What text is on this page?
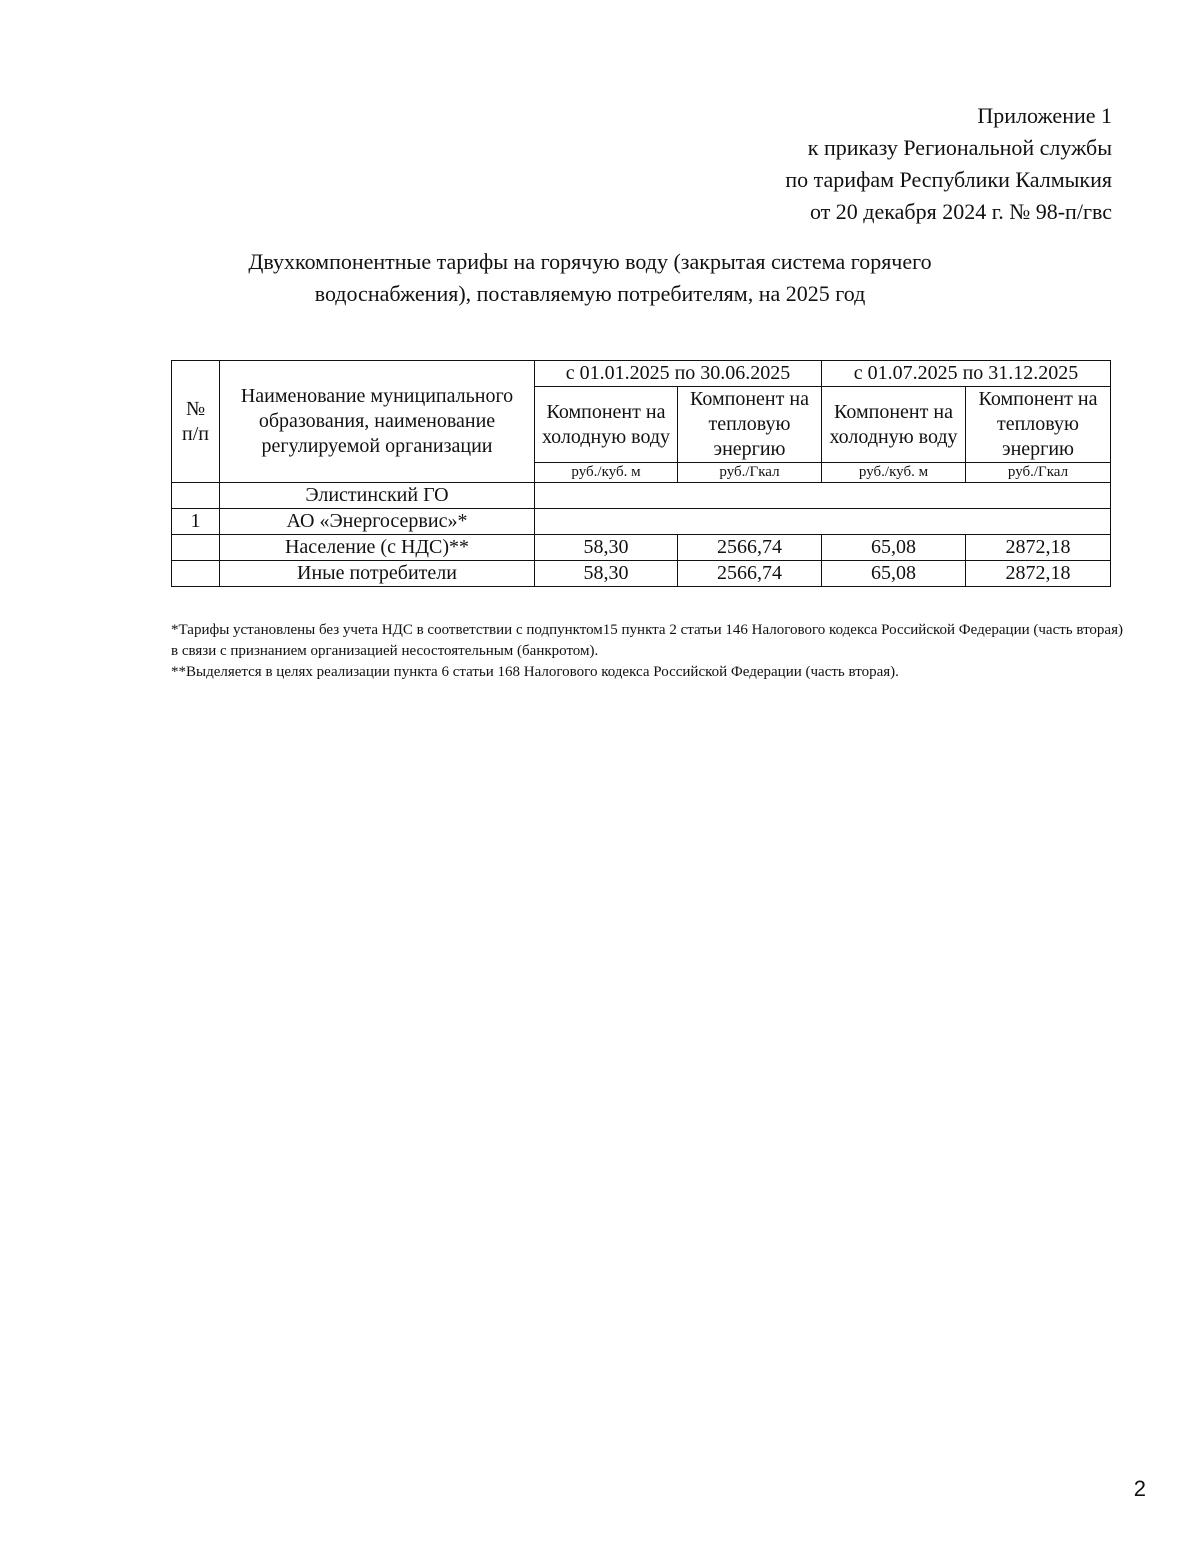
Приложение 1
к приказу Региональной службы
по тарифам Республики Калмыкия
от 20 декабря 2024 г. № 98-п/гвс
Двухкомпонентные тарифы на горячую воду (закрытая система горячего
водоснабжения), поставляемую потребителям, на 2025 год
№ п/п	Наименование муниципального образования, наименование регулируемой организации	с 01.01.2025 по 30.06.2025		с 01.07.2025 по 31.12.2025	
		Компонент на холодную воду	Компонент на тепловую энергию	Компонент на холодную воду	Компонент на тепловую энергию
		руб./куб. м	руб./Гкал	руб./куб. м	руб./Гкал
	Элистинский ГО				
1	АО «Энергосервис»*				
	Население (с НДС)**	58,30	2566,74	65,08	2872,18
	Иные потребители	58,30	2566,74	65,08	2872,18
*Тарифы установлены без учета НДС в соответствии с подпунктом15 пункта 2 статьи 146 Налогового кодекса Российской Федерации (часть вторая) в связи с признанием организацией несостоятельным (банкротом).
**Выделяется в целях реализации пункта 6 статьи 168 Налогового кодекса Российской Федерации (часть вторая).
2
